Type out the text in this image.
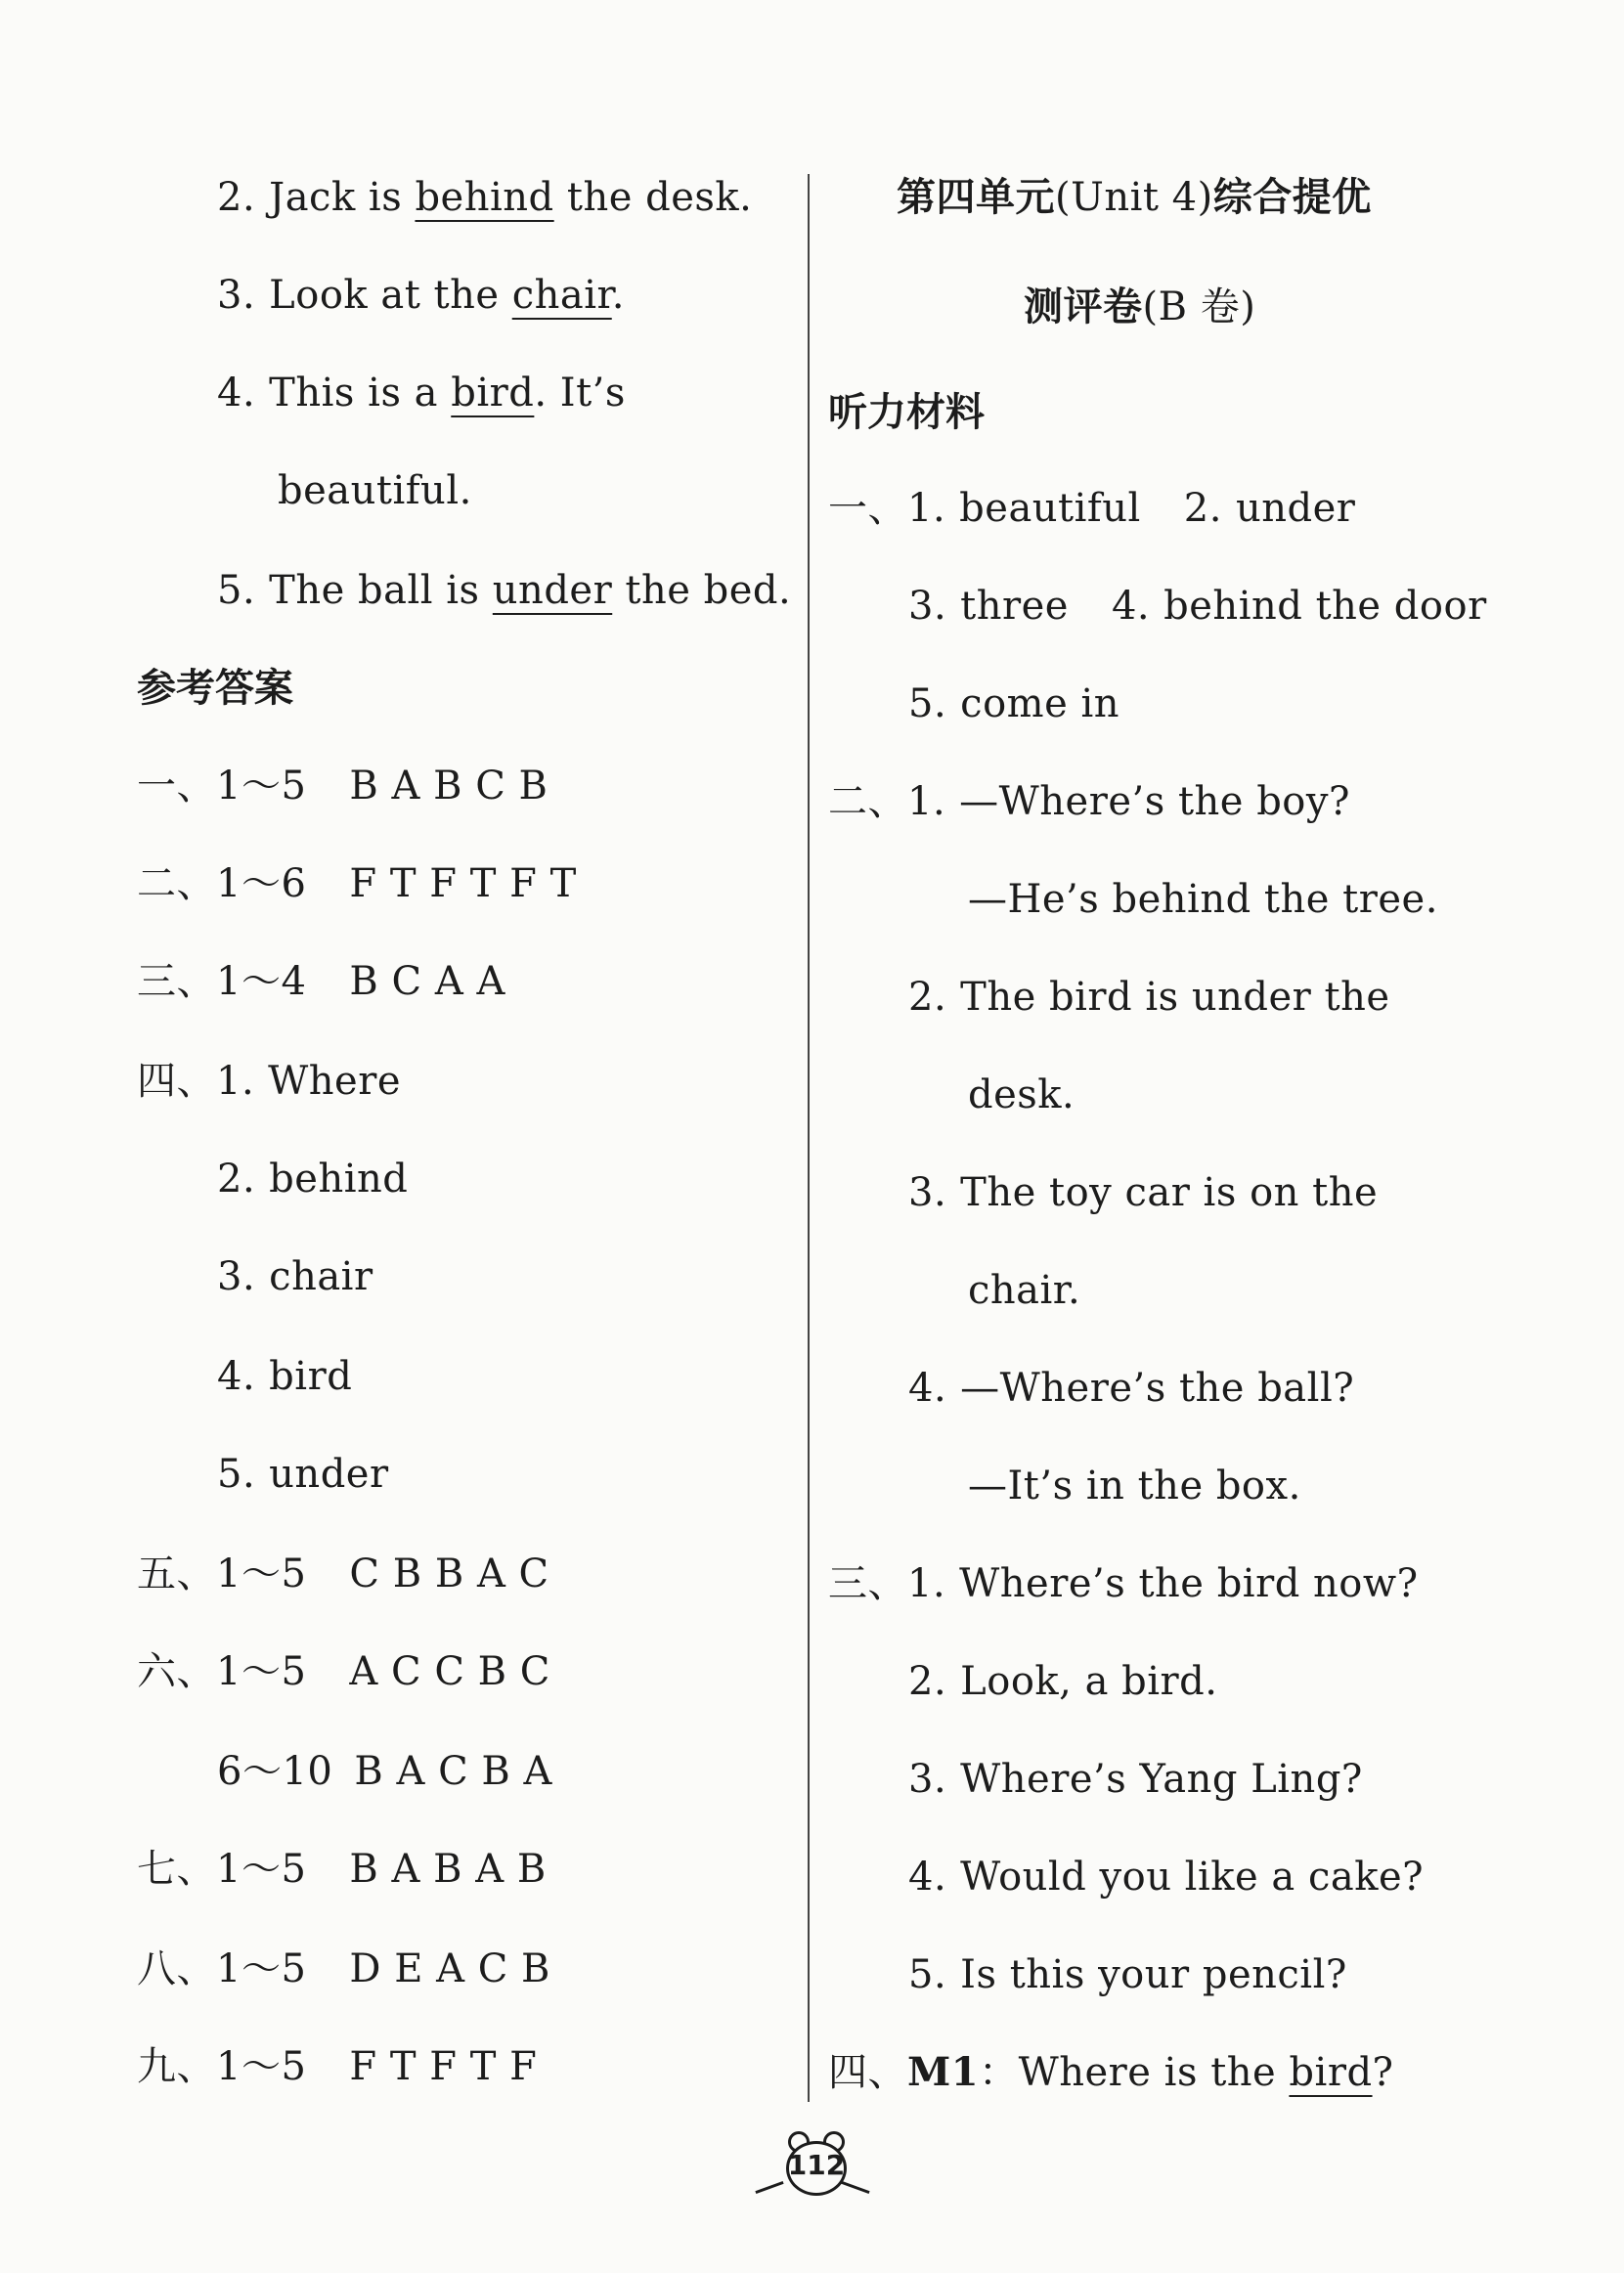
2. Jack is behind the desk.
3. Look at the chair.
4. This is a bird. It’s
beautiful.
5. The ball is under the bed.
参考答案
一、1～5 B A B C B
二、1～6 F T F T F T
三、1～4 B C A A
四、1. Where
2. behind
3. chair
4. bird
5. under
五、1～5 C B B A C
六、1～5 A C C B C
6～10 B A C B A
七、1～5 B A B A B
八、1～5 D E A C B
九、1～5 F T F T F
第四单元(Unit 4)综合提优
测评卷(B 卷)
听力材料
一、1. beautiful 2. under
3. three 4. behind the door
5. come in
二、1. —Where’s the boy?
—He’s behind the tree.
2. The bird is under the
desk.
3. The toy car is on the
chair.
4. —Where’s the ball?
—It’s in the box.
三、1. Where’s the bird now?
2. Look, a bird.
3. Where’s Yang Ling?
4. Would you like a cake?
5. Is this your pencil?
四、M1：Where is the bird?
112
